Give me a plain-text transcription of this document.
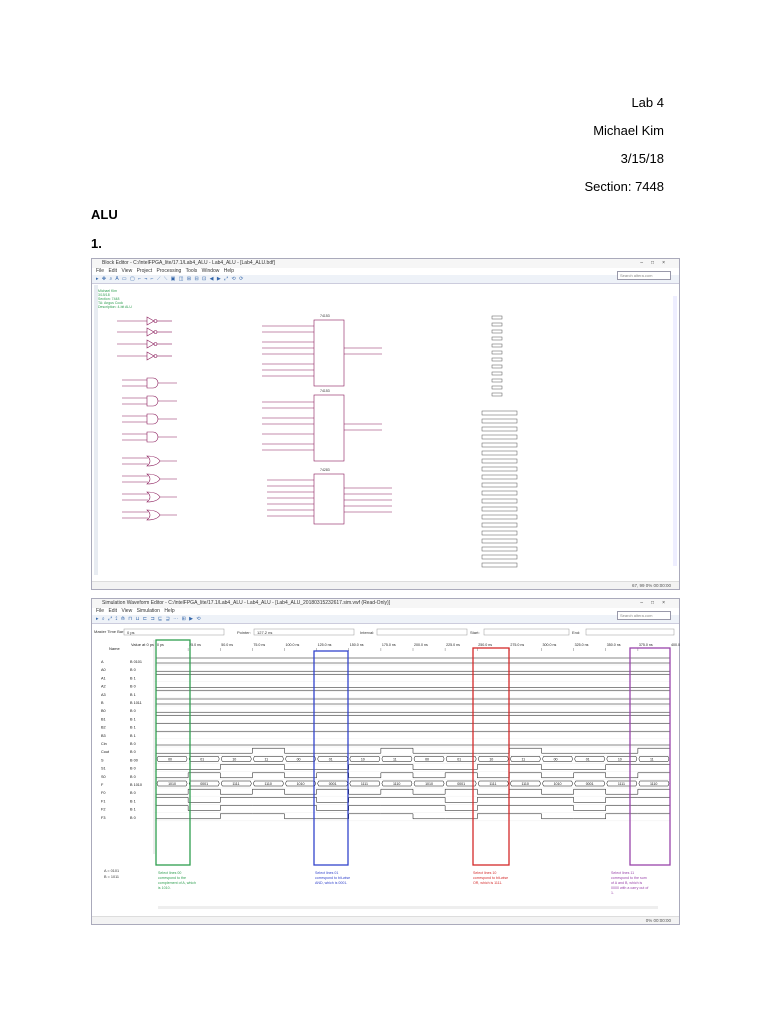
Lab 4
Michael Kim
3/15/18
Section: 7448
ALU
1.
Block Editor - C:/intelFPGA_lite/17.1/Lab4_ALU - Lab4_ALU - [Lab4_ALU.bdf]	–□×
File Edit View Project Processing Tools Window Help
▸ ✥ ⌕ A ▭ ▢ ⌐ ¬ ⌐ ⟋ ⟍ ▣ ◫ ⊞ ⊟ ⊡ ◀ ▶ ⤢ ⟲ ⟳
Search altera.com
Michael Kim
3/15/18
Section: 7448
TA: Angus Cook
Description: 4-bit ALU
74153
74153
74283
67, 99 0% 00:00:00
Simulation Waveform Editor - C:/intelFPGA_lite/17.1/Lab4_ALU - Lab4_ALU - [Lab4_ALU_20180315232617.sim.vwf (Read-Only)]	–□×
File Edit View Simulation Help
▸ ⌕ ⤢ ⟟ ⟰ ⊓ ⊔ ⊏ ⊐ ⊑ ⊒ ⋯ ⊞ ▶ ⟲
Search altera.com
Master Time Bar: 0 ps	Pointer: 127.2 ns	Interval:	Start:	End:
Name
Value at 0 ps 0 ps	25.0 ns	50.0 ns	75.0 ns	100.0 ns	125.0 ns	150.0 ns	175.0 ns	200.0 ns	225.0 ns	250.0 ns	275.0 ns	300.0 ns	325.0 ns	350.0 ns	375.0 ns	400.0
A	B 0101
A0	B 0
A1	B 1
A2	B 0
A3	B 1
B	B 1011
B0	B 0
B1	B 1
B2	B 1
B3	B 1
Cin	B 0
Cout	B 0
S	B 00
S1	B 0
S0	B 0
F	B 1010
F0	B 0
F1	B 1
F2	B 1
F3	B 0
00	01	10	11	00	01	10	11	00	01	10	11	00	01	10	11
1010	0001	1111	1110	1010	0001	1111	1110	1010	0001	1111	1110	1010	0001	1111	1110
A = 0101
B = 1011
Select lines 00
correspond to the
complement of A, which
is 1010.
Select lines 01
correspond to bit-wise
AND, which is 0001.
Select lines 10
correspond to bit-wise
OR, which is 1111.
Select lines 11
correspond to the sum
of A and B, which is
0000 with a carry out of
1.
0% 00:00:00
